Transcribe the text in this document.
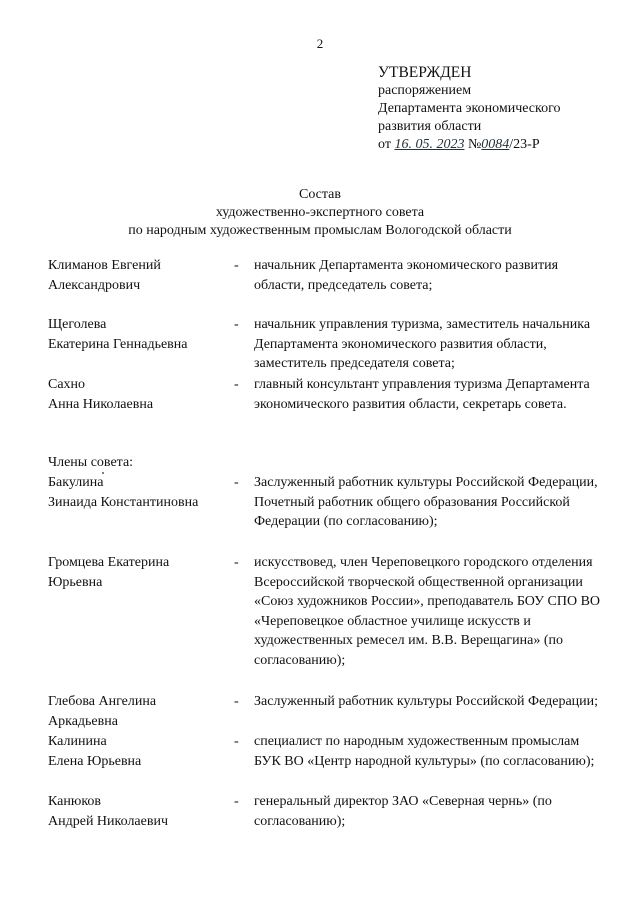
2
УТВЕРЖДЕН
распоряжением
Департамента экономического
развития области
от 16. 05. 2023 №0084/23-Р
Состав
художественно-экспертного совета
по народным художественным промыслам Вологодской области
Климанов Евгений
Александрович
- начальник Департамента экономического развития области, председатель совета;
Щеголева
Екатерина Геннадьевна
- начальник управления туризма, заместитель начальника Департамента экономического развития области, заместитель председателя совета;
Сахно
Анна Николаевна
- главный консультант управления туризма Департамента экономического развития области, секретарь совета.
Члены совета:
Бакулина
Зинаида Константиновна
- Заслуженный работник культуры Российской Федерации, Почетный работник общего образования Российской Федерации (по согласованию);
Громцева Екатерина
Юрьевна
- искусствовед, член Череповецкого городского отделения Всероссийской творческой общественной организации «Союз художников России», преподаватель БОУ СПО ВО «Череповецкое областное училище искусств и художественных ремесел им. В.В. Верещагина» (по согласованию);
Глебова Ангелина
Аркадьевна
- Заслуженный работник культуры Российской Федерации;
Калинина
Елена Юрьевна
- специалист по народным художественным промыслам БУК ВО «Центр народной культуры» (по согласованию);
Канюков
Андрей Николаевич
- генеральный директор ЗАО «Северная чернь» (по согласованию);
